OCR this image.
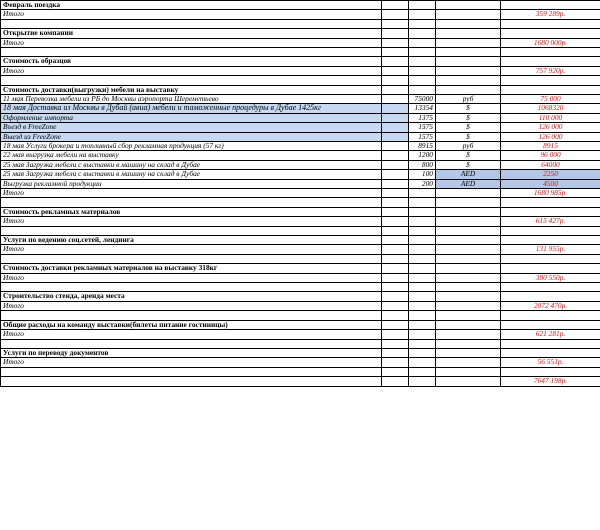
Февраль поездка				
Итого				359 289р.

Открытие компании				
Итого				1680 000р.

Стоимость образцов				
Итого				757 920р.

Стоимость доставки(выгрузки) мебели на выставку				
11 мая Перевозка мебели из РБ до Москвы аэропорта Шереметьево		75000	руб	75 000
18 мая Доставка из Москвы в Дубай (авиа) мебели и таможенные процедуры в Дубае 1425кг		13354	$	1068320
Оформление импорта		1375	$	110 000
Въезд в FreeZone		1575	$	126 000
Выезд из FreeZone		1575	$	126 000
18 мая Услуги брокера и топливный сбор рекламная продукция (57 кг)		8915	руб	8915
22 мая выгрузка мебели на выставку		1200	$	96 000
25 мая Загрузка мебели с выставки в машину на склад в Дубае		800	$	64000
25 мая Загрузка мебели с выставки в машину на склад в Дубае		100	AED	2250
Выгрузка рекламной продукции		200	AED	4500
Итого				1680 985р.

Стоимость рекламных материалов				
Итого				615 427р.

Услуги по ведению соц.сетей, лендинга				
Итого				131 955р.

Стоимость доставки рекламных материалов на выставку 318кг				
Итого				380 550р.

Строительство стенда, аренда места				
Итого				2072 470р.

Общие расходы на команду выставки(билеты питание гостиницы)				
Итого				621 281р.

Услуги по переводу документов				
Итого				56 551р.

				7647 198р.
